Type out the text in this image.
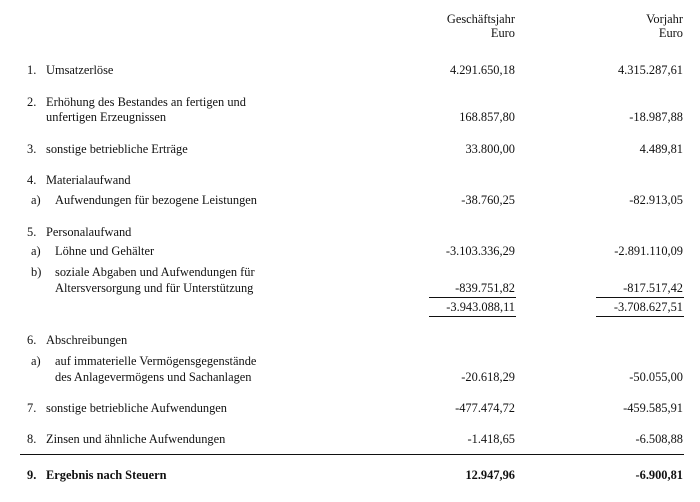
Geschäftsjahr
Euro
Vorjahr
Euro
1. Umsatzerlöse	4.291.650,18	4.315.287,61
2. Erhöhung des Bestandes an fertigen und
unfertigen Erzeugnissen	168.857,80	-18.987,88
3. sonstige betriebliche Erträge	33.800,00	4.489,81
4. Materialaufwand
a) Aufwendungen für bezogene Leistungen	-38.760,25	-82.913,05
5. Personalaufwand
a) Löhne und Gehälter	-3.103.336,29	-2.891.110,09
b) soziale Abgaben und Aufwendungen für
Altersversorgung und für Unterstützung	-839.751,82	-817.517,42
-3.943.088,11	-3.708.627,51
6. Abschreibungen
a) auf immaterielle Vermögensgegenstände
des Anlagevermögens und Sachanlagen	-20.618,29	-50.055,00
7. sonstige betriebliche Aufwendungen	-477.474,72	-459.585,91
8. Zinsen und ähnliche Aufwendungen	-1.418,65	-6.508,88
9. Ergebnis nach Steuern	12.947,96	-6.900,81
